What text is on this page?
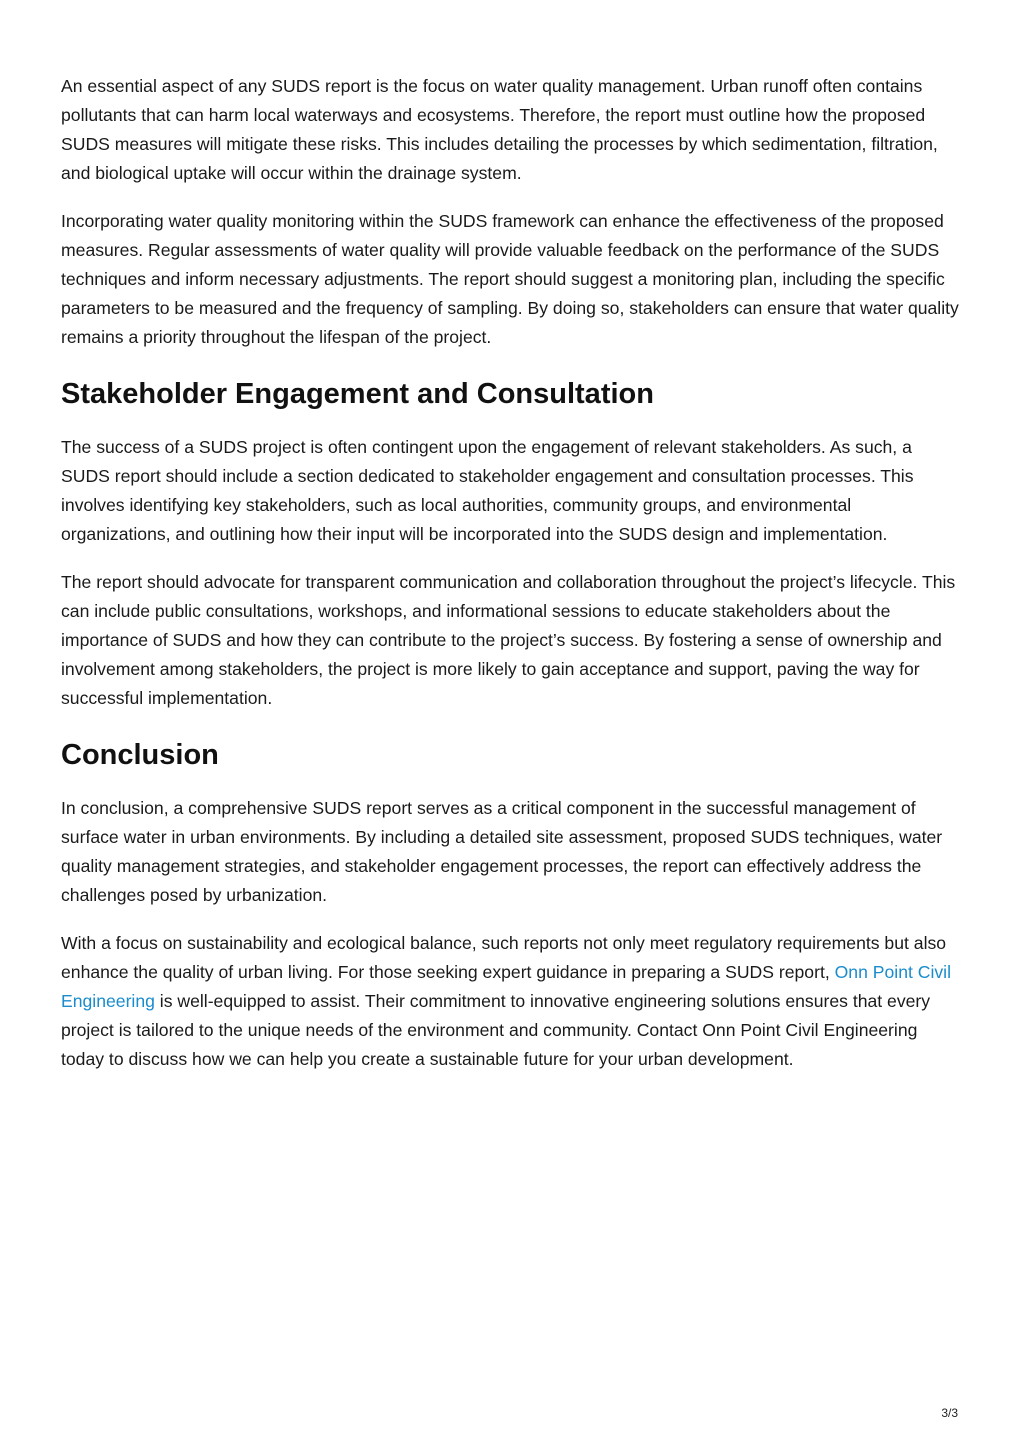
An essential aspect of any SUDS report is the focus on water quality management. Urban runoff often contains pollutants that can harm local waterways and ecosystems. Therefore, the report must outline how the proposed SUDS measures will mitigate these risks. This includes detailing the processes by which sedimentation, filtration, and biological uptake will occur within the drainage system.

Incorporating water quality monitoring within the SUDS framework can enhance the effectiveness of the proposed measures. Regular assessments of water quality will provide valuable feedback on the performance of the SUDS techniques and inform necessary adjustments. The report should suggest a monitoring plan, including the specific parameters to be measured and the frequency of sampling. By doing so, stakeholders can ensure that water quality remains a priority throughout the lifespan of the project.

Stakeholder Engagement and Consultation

The success of a SUDS project is often contingent upon the engagement of relevant stakeholders. As such, a SUDS report should include a section dedicated to stakeholder engagement and consultation processes. This involves identifying key stakeholders, such as local authorities, community groups, and environmental organizations, and outlining how their input will be incorporated into the SUDS design and implementation.

The report should advocate for transparent communication and collaboration throughout the project’s lifecycle. This can include public consultations, workshops, and informational sessions to educate stakeholders about the importance of SUDS and how they can contribute to the project’s success. By fostering a sense of ownership and involvement among stakeholders, the project is more likely to gain acceptance and support, paving the way for successful implementation.

Conclusion

In conclusion, a comprehensive SUDS report serves as a critical component in the successful management of surface water in urban environments. By including a detailed site assessment, proposed SUDS techniques, water quality management strategies, and stakeholder engagement processes, the report can effectively address the challenges posed by urbanization.

With a focus on sustainability and ecological balance, such reports not only meet regulatory requirements but also enhance the quality of urban living. For those seeking expert guidance in preparing a SUDS report, Onn Point Civil Engineering is well-equipped to assist. Their commitment to innovative engineering solutions ensures that every project is tailored to the unique needs of the environment and community. Contact Onn Point Civil Engineering today to discuss how we can help you create a sustainable future for your urban development.

3/3
